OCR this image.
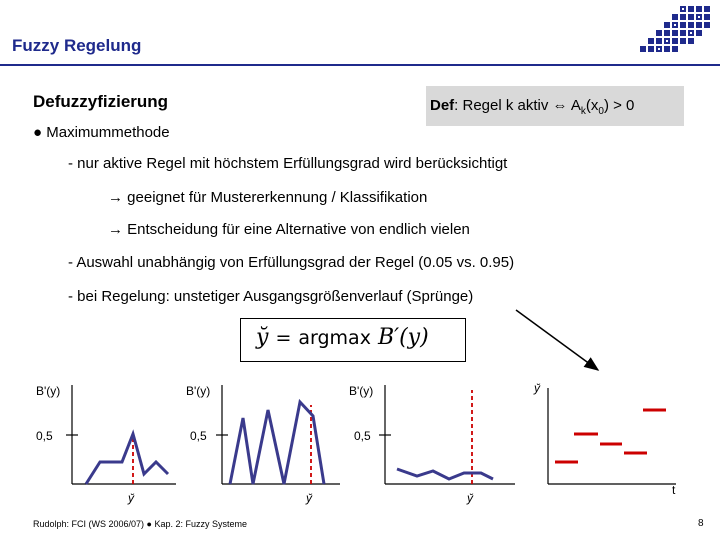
Fuzzy Regelung
Defuzzyfizierung	Def: Regel k aktiv ⇔ $A_k(x_0) > 0$
● Maximummethode
- nur aktive Regel mit höchstem Erfüllungsgrad wird berücksichtigt
→ geeignet für Mustererkennung / Klassifikation
→ Entscheidung für eine Alternative von endlich vielen
- Auswahl unabhängig von Erfüllungsgrad der Regel (0.05 vs. 0.95)
- bei Regelung: unstetiger Ausgangsgrößenverlauf (Sprünge)
y̆ = argmax B′(y)
B'(y)
0,5
y̆
B'(y)
0,5
y̆
B'(y)
0,5
y̆
y̆
t
Rudolph: FCI (WS 2006/07) ● Kap. 2: Fuzzy Systeme	8
